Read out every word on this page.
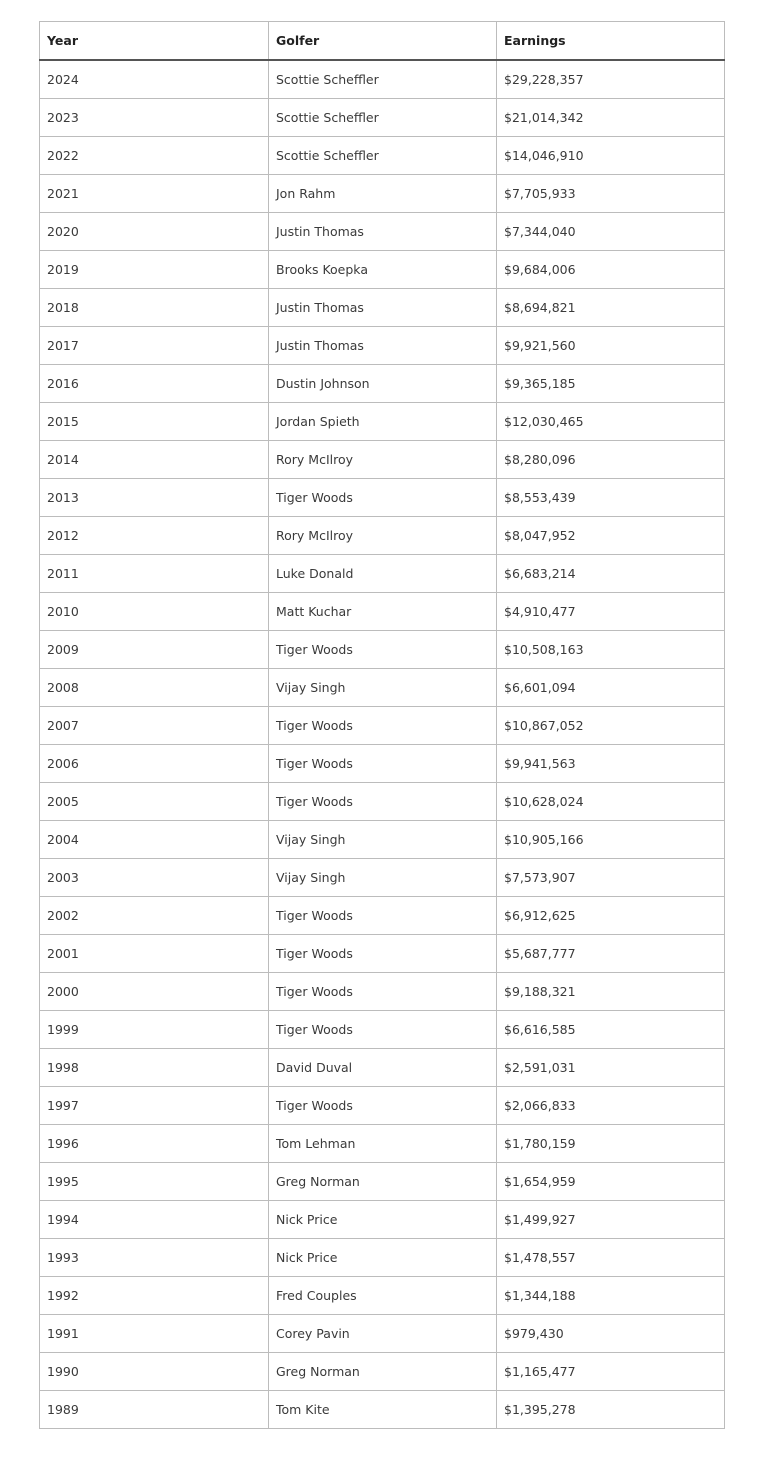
Year	Golfer	Earnings
2024	Scottie Scheffler	$29,228,357
2023	Scottie Scheffler	$21,014,342
2022	Scottie Scheffler	$14,046,910
2021	Jon Rahm	$7,705,933
2020	Justin Thomas	$7,344,040
2019	Brooks Koepka	$9,684,006
2018	Justin Thomas	$8,694,821
2017	Justin Thomas	$9,921,560
2016	Dustin Johnson	$9,365,185
2015	Jordan Spieth	$12,030,465
2014	Rory McIlroy	$8,280,096
2013	Tiger Woods	$8,553,439
2012	Rory McIlroy	$8,047,952
2011	Luke Donald	$6,683,214
2010	Matt Kuchar	$4,910,477
2009	Tiger Woods	$10,508,163
2008	Vijay Singh	$6,601,094
2007	Tiger Woods	$10,867,052
2006	Tiger Woods	$9,941,563
2005	Tiger Woods	$10,628,024
2004	Vijay Singh	$10,905,166
2003	Vijay Singh	$7,573,907
2002	Tiger Woods	$6,912,625
2001	Tiger Woods	$5,687,777
2000	Tiger Woods	$9,188,321
1999	Tiger Woods	$6,616,585
1998	David Duval	$2,591,031
1997	Tiger Woods	$2,066,833
1996	Tom Lehman	$1,780,159
1995	Greg Norman	$1,654,959
1994	Nick Price	$1,499,927
1993	Nick Price	$1,478,557
1992	Fred Couples	$1,344,188
1991	Corey Pavin	$979,430
1990	Greg Norman	$1,165,477
1989	Tom Kite	$1,395,278
